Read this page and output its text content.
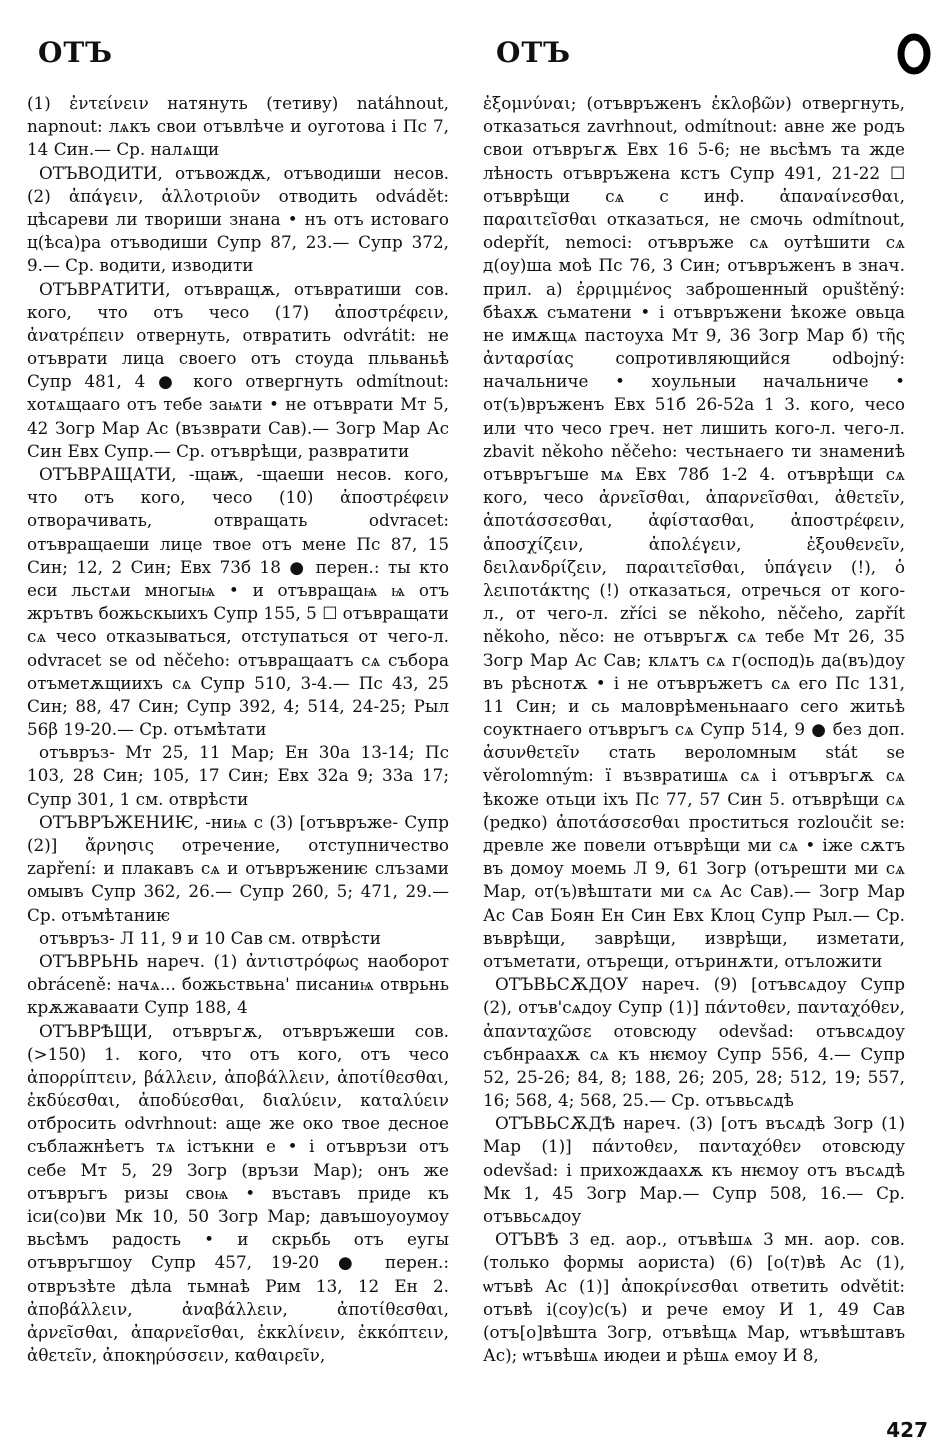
ОТЪ	ОТЪ
О

(1) ἐντείνειν натянуть (тетиву) natáhnout, napnout: лѧкъ свои отъвлѣче и оуготова і Пс 7, 14 Син.— Ср. налѧщи

ОТЪВОДИТИ, отъвождѫ, отъводиши несов. (2) ἀπάγειν, ἀλλοτριοῦν отводить odvádět: цѣсареви ли твориши знана • нъ отъ истоваго ц(ѣса)ра отъводиши Супр 87, 23.— Супр 372, 9.— Ср. водити, изводити

ОТЪВРАТИТИ, отъвращѫ, отъвратиши сов. кого, что отъ чесо (17) ἀποστρέφειν, ἀνατρέπειν отвернуть, отвратить odvrátit: не отъврати лица своего отъ стоуда пльваньѣ Супр 481, 4 ● кого отвергнуть odmítnout: хотѧщааго отъ тебе заѩти • не отъврати Мт 5, 42 Зогр Мар Ас (възврати Сав).— Зогр Мар Ас Син Евх Супр.— Ср. отъврѣщи, развратити

ОТЪВРАЩАТИ, -щаѭ, -щаеши несов. кого, что отъ кого, чесо (10) ἀποστρέφειν отворачивать, отвращать odvracet: отъвращаеши лице твое отъ мене Пс 87, 15 Син; 12, 2 Син; Евх 73б 18 ● перен.: ты кто еси льстѧи многыѩ • и отъвращаѩ ѩ отъ жрътвъ божьскыихъ Супр 155, 5 ☐ отъвращати сѧ чесо отказываться, отступаться от чего-л. odvracet se od něčeho: отъвращаатъ сѧ съборa отъметѫщиихъ сѧ Супр 510, 3-4.— Пс 43, 25 Син; 88, 47 Син; Супр 392, 4; 514, 24-25; Рыл 56β 19-20.— Ср. отъмѣтати

отъвръз- Мт 25, 11 Мар; Ен 30а 13-14; Пс 103, 28 Син; 105, 17 Син; Евх 32а 9; 33а 17; Супр 301, 1 см. отврѣсти

ОТЪВРЪЖЕНИѤ, -ниѩ с (3) [отъвръже- Супр (2)] ἄρνησις отречение, отступничество zapření: и плакавъ сѧ и отъвръжениѥ слъзами омывъ Супр 362, 26.— Супр 260, 5; 471, 29.— Ср. отъмѣтаниѥ

отъвръз- Л 11, 9 и 10 Сав см. отврѣсти

ОТЪВРЬНЬ нареч. (1) ἀντιστρόφως наоборот obráceně: начѧ... божьствьна' писаниѩ отврьнь крѫжаваати Супр 188, 4

ОТЪВРѢЩИ, отъвръгѫ, отъвръжеши сов. (>150) 1. кого, что отъ кого, отъ чесо ἀπορρίπτειν, βάλλειν, ἀποβάλλειν, ἀποτίθεσθαι, ἐκδύεσθαι, ἀποδύεσθαι, διαλύειν, καταλύειν отбросить odvrhnout: аще же око твое десное съблажнѣетъ тѧ істъкни е • і отъвръзи отъ себе Мт 5, 29 Зогр (връзи Мар); онъ же отъвръгъ ризы своѩ • въставъ приде къ іси(со)ви Мк 10, 50 Зогр Мар; давъшоуоумоу вьсѣмъ радость • и скрьбь отъ еугы отъвръгшоу Супр 457, 19-20 ● перен.: отвръзѣте дѣла тьмнаѣ Рим 13, 12 Ен 2. ἀποβάλλειν, ἀναβάλλειν, ἀποτίθεσθαι, ἀρνεῖσθαι, ἀπαρνεῖσθαι, ἐκκλίνειν, ἐκκόπτειν, ἀθετεῖν, ἀποκηρύσσειν, καθαιρεῖν,

ἐξομνύναι; (отъвръженъ ἐκλοβῶν) отвергнуть, отказаться zavrhnout, odmítnout: авне же родъ свои отъвръгѫ Евх 16 5-6; не вьсѣмъ та жде лѣность отъвръжена кстъ Супр 491, 21-22 ☐ отъврѣщи сѧ с инф. ἀπαναίνεσθαι, παραιτεῖσθαι отказаться, не смочь odmítnout, odepřít, nemoci: отъвръже сѧ оутѣшити сѧ д(оу)ша моѣ Пс 76, 3 Син; отъвръженъ в знач. прил. а) ἐρριμμένος заброшенный opuštěný: бѣахѫ съматени • і отъвръжени ѣкоже овьца не имѫщѧ пастоуха Мт 9, 36 Зогр Мар б) τῆς ἀνταρσίας сопротивляющийся odbojný: начальниче • хоульныи начальниче • от(ъ)връженъ Евх 51б 26-52а 1 3. кого, чесо или что чесо греч. нет лишить кого-л. чего-л. zbavit někoho něčeho: честьнаего ти знамениѣ отъвръгъше мѧ Евх 78б 1-2 4. отъврѣщи сѧ кого, чесо ἀρνεῖσθαι, ἀπαρνεῖσθαι, ἀθετεῖν, ἀποτάσσεσθαι, ἀφίστασθαι, ἀποστρέφειν, ἀποσχίζειν, ἀπολέγειν, ἐξουθενεῖν, δειλανδρίζειν, παραιτεῖσθαι, ὑπάγειν (!), ὁ λειποτάκτης (!) отказаться, отречься от кого-л., от чего-л. zříci se někoho, něčeho, zapřít někoho, něco: не отъвръгѫ сѧ тебе Мт 26, 35 Зогр Мар Ас Сав; клѧтъ сѧ г(оспод)ь да(въ)доу въ рѣснотѫ • і не отъвръжетъ сѧ его Пс 131, 11 Син; и сь маловрѣменьнааго сего житьѣ соуктнаего отъвръгъ сѧ Супр 514, 9 ● без доп. ἀσυνθετεῖν стать вероломным stát se věrolomným: ї възвратишѧ сѧ і отъвръгѫ сѧ ѣкоже отьци іхъ Пс 77, 57 Син 5. отъврѣщи сѧ (редко) ἀποτάσσεσθαι проститься rozloučit se: древле же повели отъврѣщи ми сѧ • іже сѫтъ въ домоу моемь Л 9, 61 Зогр (отърешти ми сѧ Мар, от(ъ)вѣштати ми сѧ Ас Сав).— Зогр Мар Ас Сав Боян Ен Син Евх Клоц Супр Рыл.— Ср. въврѣщи, заврѣщи, изврѣщи, изметати, отъметати, отърещи, отъринѫти, отъложити

ОТЪВЬСѪДОУ нареч. (9) [отъвсѧдоу Супр (2), отъв'сѧдоу Супр (1)] πάντοθεν, πανταχόθεν, ἀπανταχῶσε отовсюду odevšad: отъвсѧдоу събнраахѫ сѧ къ нѥмоу Супр 556, 4.— Супр 52, 25-26; 84, 8; 188, 26; 205, 28; 512, 19; 557, 16; 568, 4; 568, 25.— Ср. отъвьсѧдѣ

ОТЪВЬСѪДѢ нареч. (3) [отъ въсѧдѣ Зогр (1) Мар (1)] πάντοθεν, πανταχόθεν отовсюду odevšad: і прихождаахѫ къ нѥмоу отъ въсѧдѣ Мк 1, 45 Зогр Мар.— Супр 508, 16.— Ср. отъвьсѧдоу

ОТЪВѢ 3 ед. аор., отъвѣшѧ 3 мн. аор. сов. (только формы аориста) (6) [о(т)вѣ Ас (1), ѡтъвѣ Ас (1)] ἀποκρίνεσθαι ответить odvětit: отъвѣ і(соу)с(ъ) и рече емоу И 1, 49 Сав (отъ[о]вѣшта Зогр, отъвѣщѧ Мар, ѡтъвѣштавъ Ас); ѡтъвѣшѧ июдеи и рѣшѧ емоу И 8,

427
